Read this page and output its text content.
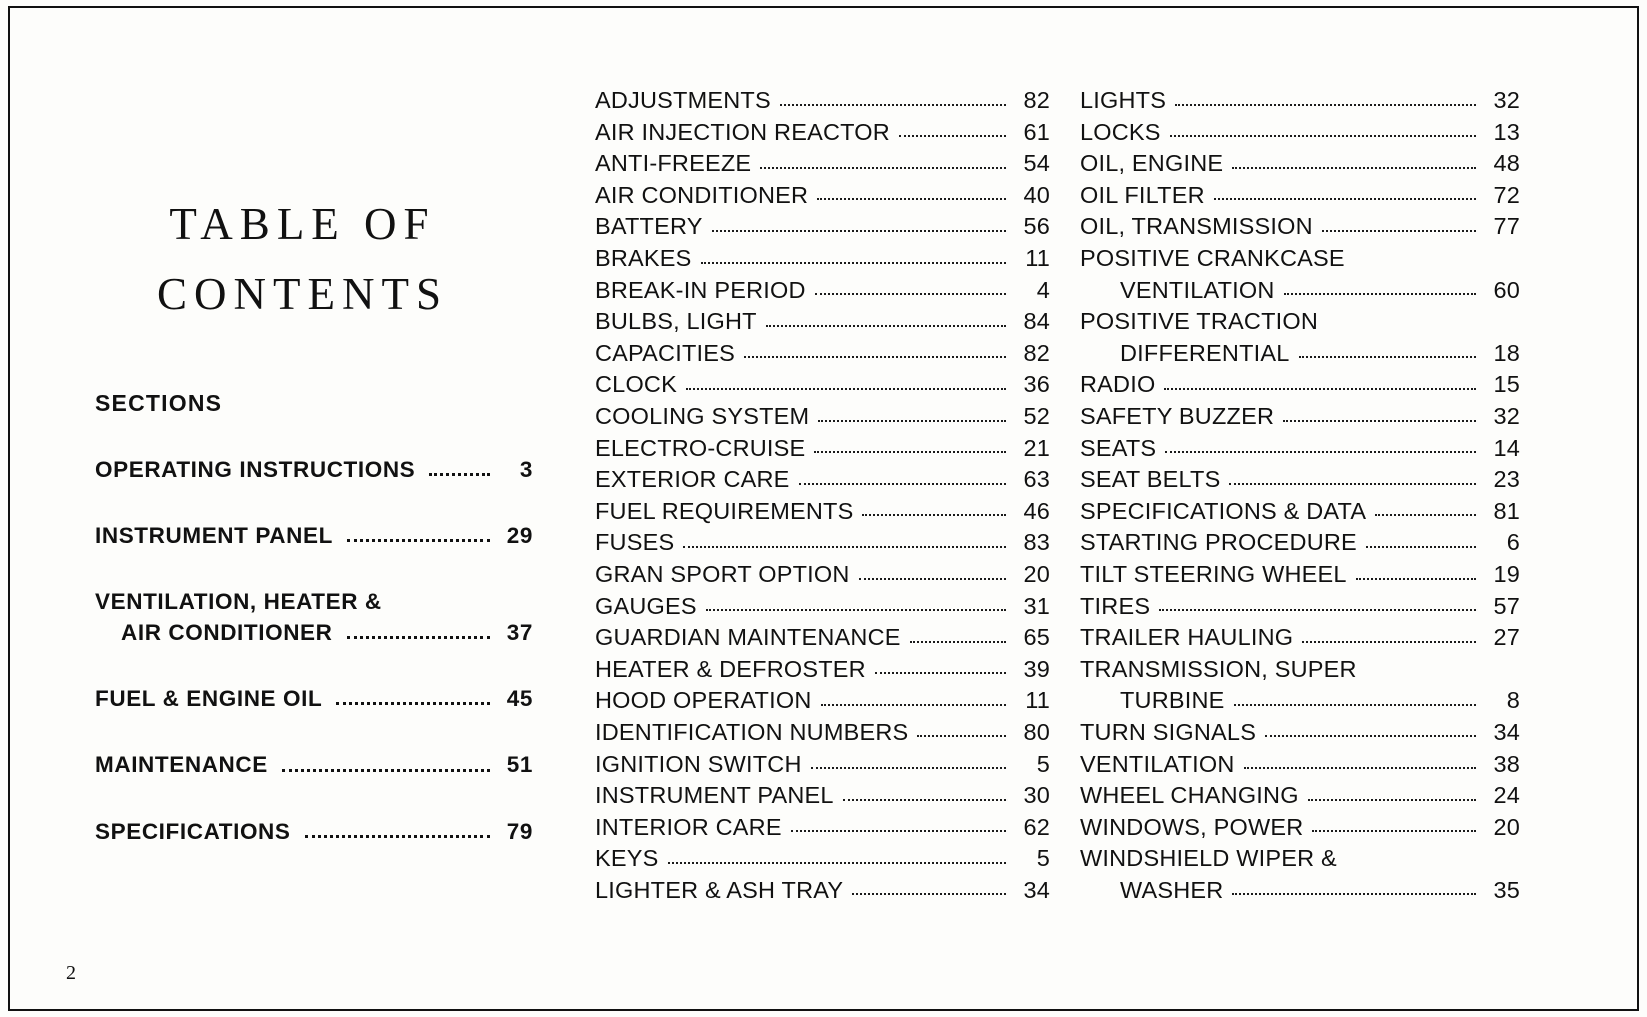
TABLE OF
CONTENTS
SECTIONS
OPERATING INSTRUCTIONS	3
INSTRUMENT PANEL	29
VENTILATION, HEATER &
AIR CONDITIONER	37
FUEL & ENGINE OIL	45
MAINTENANCE	51
SPECIFICATIONS	79
2
ADJUSTMENTS	82
AIR INJECTION REACTOR	61
ANTI-FREEZE	54
AIR CONDITIONER	40
BATTERY	56
BRAKES	11
BREAK-IN PERIOD	4
BULBS, LIGHT	84
CAPACITIES	82
CLOCK	36
COOLING SYSTEM	52
ELECTRO-CRUISE	21
EXTERIOR CARE	63
FUEL REQUIREMENTS	46
FUSES	83
GRAN SPORT OPTION	20
GAUGES	31
GUARDIAN MAINTENANCE	65
HEATER & DEFROSTER	39
HOOD OPERATION	11
IDENTIFICATION NUMBERS	80
IGNITION SWITCH	5
INSTRUMENT PANEL	30
INTERIOR CARE	62
KEYS	5
LIGHTER & ASH TRAY	34
LIGHTS	32
LOCKS	13
OIL, ENGINE	48
OIL FILTER	72
OIL, TRANSMISSION	77
POSITIVE CRANKCASE
VENTILATION	60
POSITIVE TRACTION
DIFFERENTIAL	18
RADIO	15
SAFETY BUZZER	32
SEATS	14
SEAT BELTS	23
SPECIFICATIONS & DATA	81
STARTING PROCEDURE	6
TILT STEERING WHEEL	19
TIRES	57
TRAILER HAULING	27
TRANSMISSION, SUPER
TURBINE	8
TURN SIGNALS	34
VENTILATION	38
WHEEL CHANGING	24
WINDOWS, POWER	20
WINDSHIELD WIPER &
WASHER	35
